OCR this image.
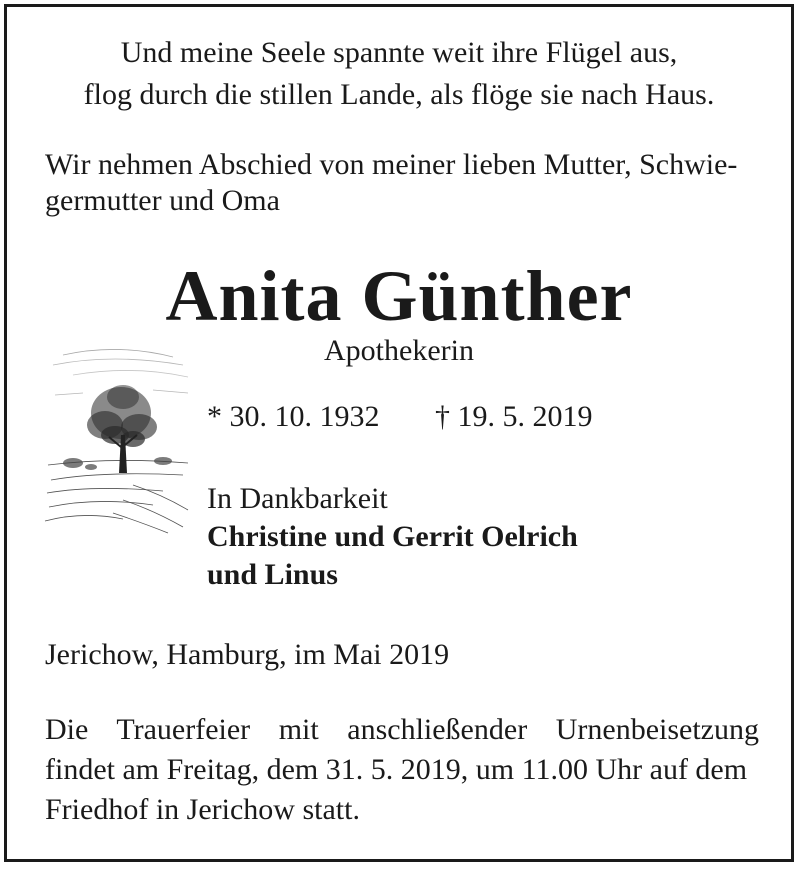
Und meine Seele spannte weit ihre Flügel aus,
flog durch die stillen Lande, als flöge sie nach Haus.
Wir nehmen Abschied von meiner lieben Mutter, Schwie-
germutter und Oma
Anita Günther
Apothekerin
* 30. 10. 1932 † 19. 5. 2019
In Dankbarkeit
Christine und Gerrit Oelrich
und Linus
Jerichow, Hamburg, im Mai 2019
Die Trauerfeier mit anschließender Urnenbeisetzung
findet am Freitag, dem 31. 5. 2019, um 11.00 Uhr auf dem
Friedhof in Jerichow statt.
